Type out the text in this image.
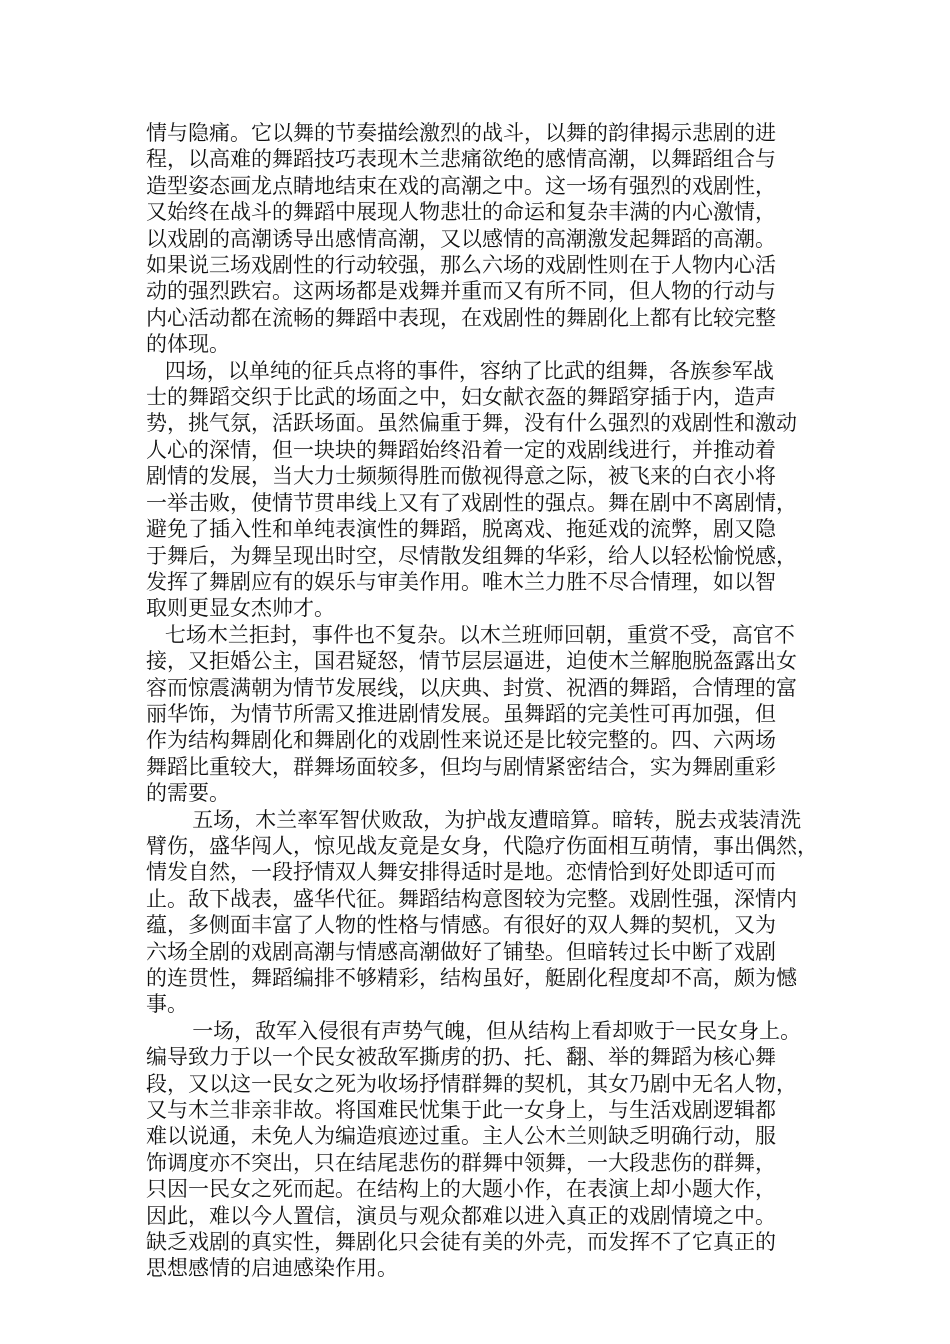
情与隐痛。它以舞的节奏描绘激烈的战斗，以舞的韵律揭示悲剧的进
程，以高难的舞蹈技巧表现木兰悲痛欲绝的感情高潮，以舞蹈组合与
造型姿态画龙点睛地结束在戏的高潮之中。这一场有强烈的戏剧性，
又始终在战斗的舞蹈中展现人物悲壮的命运和复杂丰满的内心激情，
以戏剧的高潮诱导出感情高潮，又以感情的高潮激发起舞蹈的高潮。
如果说三场戏剧性的行动较强，那么六场的戏剧性则在于人物内心活
动的强烈跌宕。这两场都是戏舞并重而又有所不同，但人物的行动与
内心活动都在流畅的舞蹈中表现，在戏剧性的舞剧化上都有比较完整
的体现。

四场，以单纯的征兵点将的事件，容纳了比武的组舞，各族参军战
士的舞蹈交织于比武的场面之中，妇女献衣盔的舞蹈穿插于内，造声
势，挑气氛，活跃场面。虽然偏重于舞，没有什么强烈的戏剧性和激动
人心的深情，但一块块的舞蹈始终沿着一定的戏剧线进行，并推动着
剧情的发展，当大力士频频得胜而傲视得意之际，被飞来的白衣小将
一举击败，使情节贯串线上又有了戏剧性的强点。舞在剧中不离剧情，
避免了插入性和单纯表演性的舞蹈，脱离戏、拖延戏的流弊，剧又隐
于舞后，为舞呈现出时空，尽情散发组舞的华彩，给人以轻松愉悦感，
发挥了舞剧应有的娱乐与审美作用。唯木兰力胜不尽合情理，如以智
取则更显女杰帅才。

七场木兰拒封，事件也不复杂。以木兰班师回朝，重赏不受，高官不
接，又拒婚公主，国君疑怒，情节层层逼进，迫使木兰解胞脱盔露出女
容而惊震满朝为情节发展线，以庆典、封赏、祝酒的舞蹈，合情理的富
丽华饰，为情节所需又推进剧情发展。虽舞蹈的完美性可再加强，但
作为结构舞剧化和舞剧化的戏剧性来说还是比较完整的。四、六两场
舞蹈比重较大，群舞场面较多，但均与剧情紧密结合，实为舞剧重彩
的需要。

五场，木兰率军智伏败敌，为护战友遭暗算。暗转，脱去戎装清洗
臂伤，盛华闯人，惊见战友竟是女身，代隐疗伤面相互萌情，事出偶然，
情发自然，一段抒情双人舞安排得适时是地。恋情恰到好处即适可而
止。敌下战表，盛华代征。舞蹈结构意图较为完整。戏剧性强，深情内
蕴，多侧面丰富了人物的性格与情感。有很好的双人舞的契机，又为
六场全剧的戏剧高潮与情感高潮做好了铺垫。但暗转过长中断了戏剧
的连贯性，舞蹈编排不够精彩，结构虽好，艇剧化程度却不高，颇为憾
事。

一场，敌军入侵很有声势气魄，但从结构上看却败于一民女身上。
编导致力于以一个民女被敌军撕虏的扔、托、翻、举的舞蹈为核心舞
段，又以这一民女之死为收场抒情群舞的契机，其女乃剧中无名人物，
又与木兰非亲非故。将国难民忧集于此一女身上，与生活戏剧逻辑都
难以说通，未免人为编造痕迹过重。主人公木兰则缺乏明确行动，服
饰调度亦不突出，只在结尾悲伤的群舞中领舞，一大段悲伤的群舞，
只因一民女之死而起。在结构上的大题小作，在表演上却小题大作，
因此，难以今人置信，演员与观众都难以进入真正的戏剧情境之中。
缺乏戏剧的真实性，舞剧化只会徒有美的外壳，而发挥不了它真正的
思想感情的启迪感染作用。
